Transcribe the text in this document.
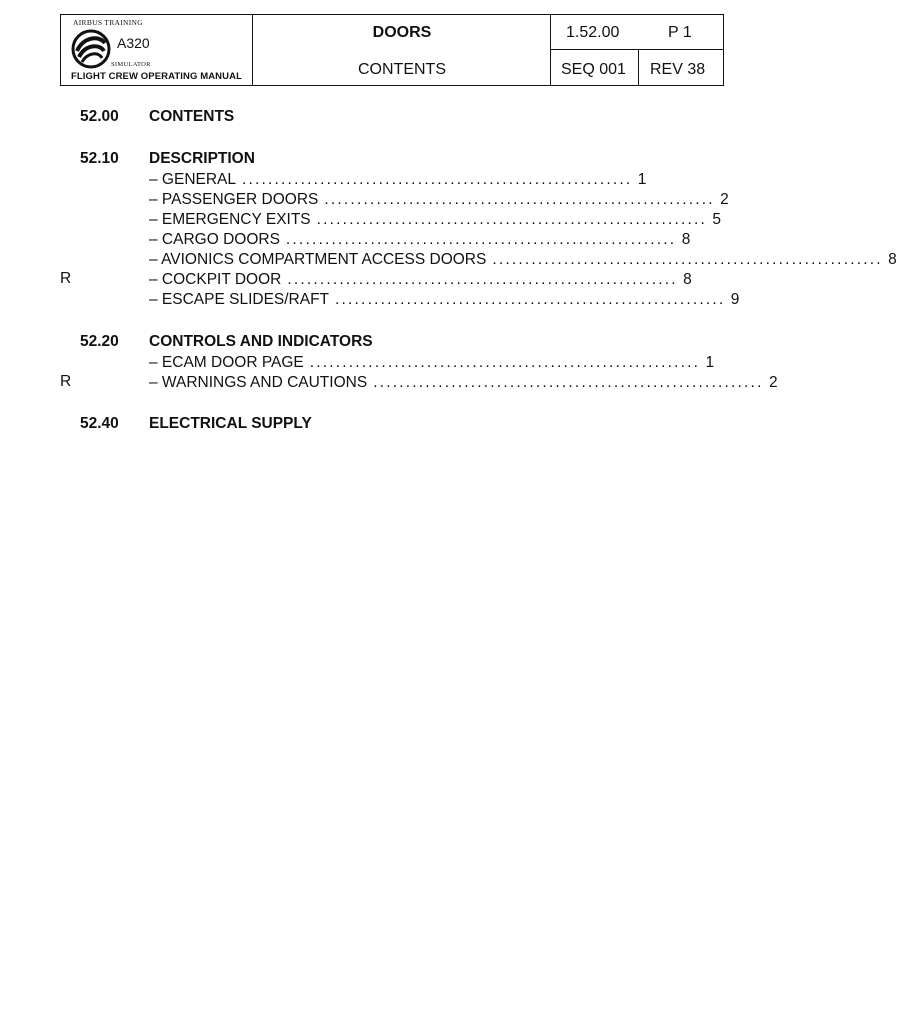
AIRBUS TRAINING
A320
SIMULATOR
FLIGHT CREW OPERATING MANUAL
DOORS
CONTENTS
1.52.00	P 1
SEQ 001 REV 38
52.00 CONTENTS
52.10 DESCRIPTION
– GENERAL ............................................................ 1
– PASSENGER DOORS ............................................................ 2
– EMERGENCY EXITS ............................................................ 5
– CARGO DOORS ............................................................ 8
– AVIONICS COMPARTMENT ACCESS DOORS ............................................................ 8
R	– COCKPIT DOOR ............................................................ 8
– ESCAPE SLIDES/RAFT ............................................................ 9
52.20 CONTROLS AND INDICATORS
– ECAM DOOR PAGE ............................................................ 1
R	– WARNINGS AND CAUTIONS ............................................................ 2
52.40 ELECTRICAL SUPPLY
